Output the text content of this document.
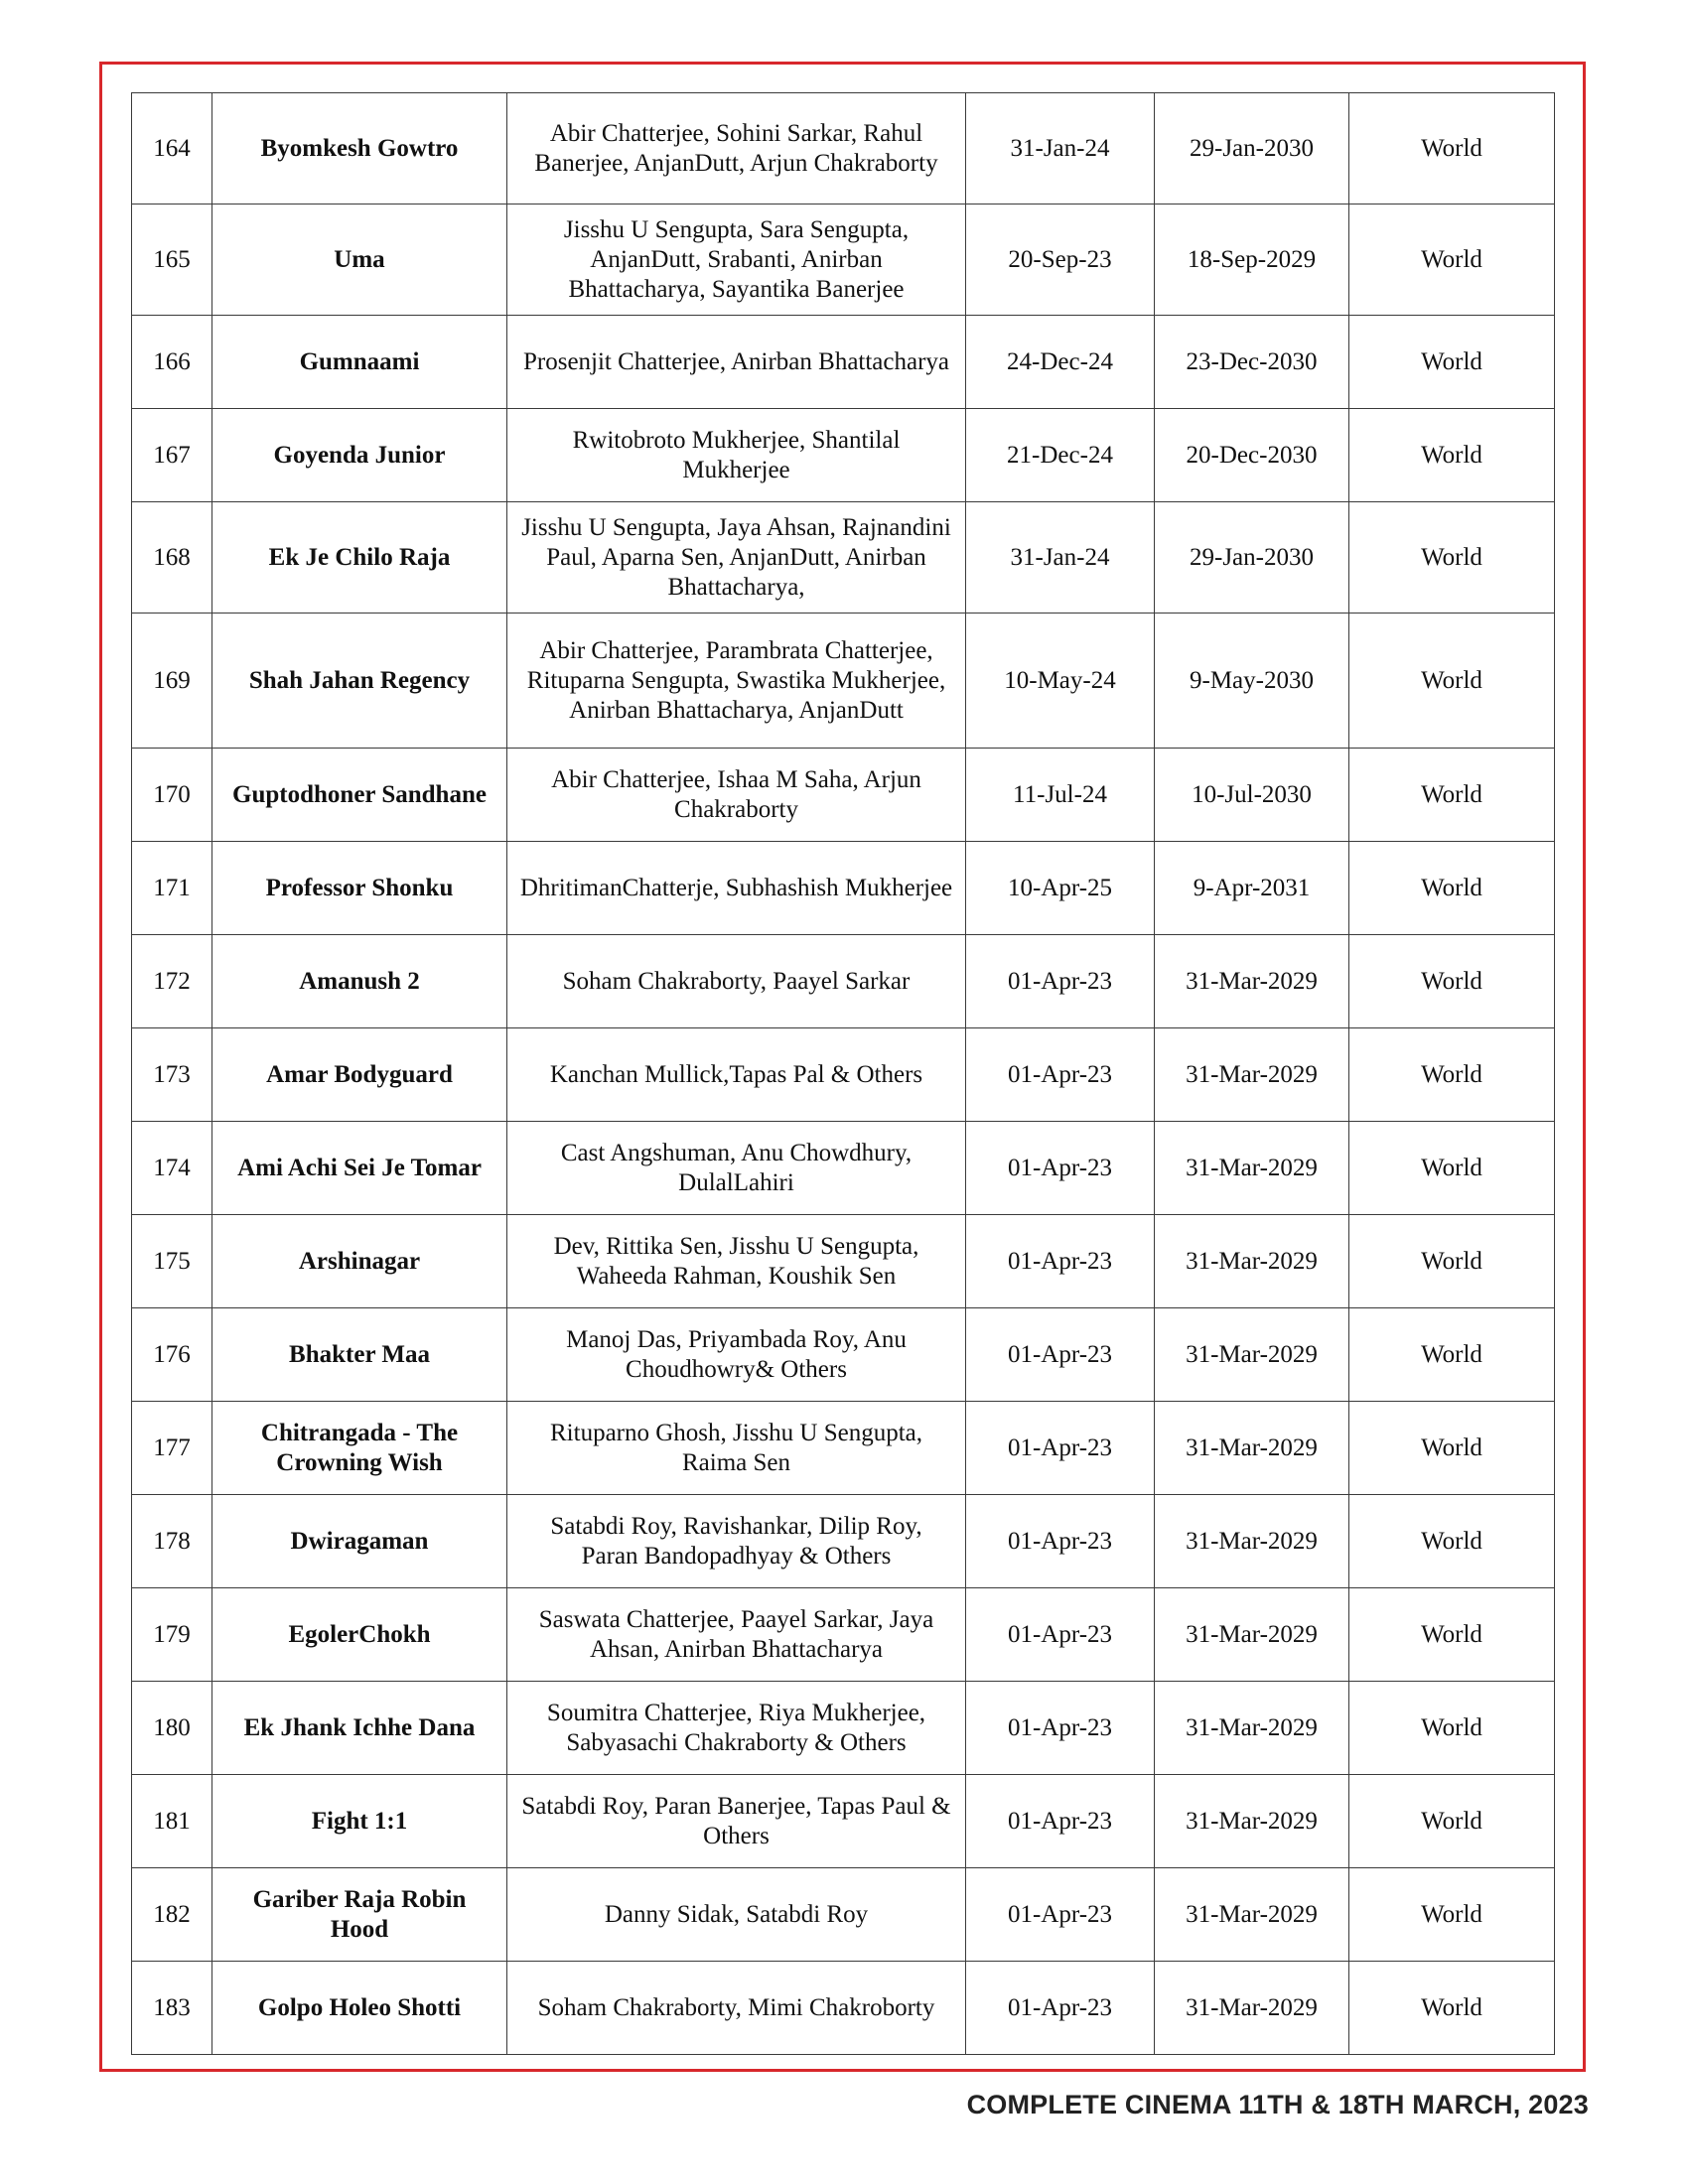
164	Byomkesh Gowtro	Abir Chatterjee, Sohini Sarkar, Rahul Banerjee, AnjanDutt, Arjun Chakraborty	31-Jan-24	29-Jan-2030	World
165	Uma	Jisshu U Sengupta, Sara Sengupta, AnjanDutt, Srabanti, Anirban Bhattacharya, Sayantika Banerjee	20-Sep-23	18-Sep-2029	World
166	Gumnaami	Prosenjit Chatterjee, Anirban Bhattacharya	24-Dec-24	23-Dec-2030	World
167	Goyenda Junior	Rwitobroto Mukherjee, Shantilal Mukherjee	21-Dec-24	20-Dec-2030	World
168	Ek Je Chilo Raja	Jisshu U Sengupta, Jaya Ahsan, Rajnandini Paul, Aparna Sen, AnjanDutt, Anirban Bhattacharya,	31-Jan-24	29-Jan-2030	World
169	Shah Jahan Regency	Abir Chatterjee, Parambrata Chatterjee, Rituparna Sengupta, Swastika Mukherjee, Anirban Bhattacharya, AnjanDutt	10-May-24	9-May-2030	World
170	Guptodhoner Sandhane	Abir Chatterjee, Ishaa M Saha, Arjun Chakraborty	11-Jul-24	10-Jul-2030	World
171	Professor Shonku	DhritimanChatterje, Subhashish Mukherjee	10-Apr-25	9-Apr-2031	World
172	Amanush 2	Soham Chakraborty, Paayel Sarkar	01-Apr-23	31-Mar-2029	World
173	Amar Bodyguard	Kanchan Mullick,Tapas Pal & Others	01-Apr-23	31-Mar-2029	World
174	Ami Achi Sei Je Tomar	Cast Angshuman, Anu Chowdhury, DulalLahiri	01-Apr-23	31-Mar-2029	World
175	Arshinagar	Dev, Rittika Sen, Jisshu U Sengupta, Waheeda Rahman, Koushik Sen	01-Apr-23	31-Mar-2029	World
176	Bhakter Maa	Manoj Das, Priyambada Roy, Anu Choudhowry& Others	01-Apr-23	31-Mar-2029	World
177	Chitrangada - The Crowning Wish	Rituparno Ghosh, Jisshu U Sengupta, Raima Sen	01-Apr-23	31-Mar-2029	World
178	Dwiragaman	Satabdi Roy, Ravishankar, Dilip Roy, Paran Bandopadhyay & Others	01-Apr-23	31-Mar-2029	World
179	EgolerChokh	Saswata Chatterjee, Paayel Sarkar, Jaya Ahsan, Anirban Bhattacharya	01-Apr-23	31-Mar-2029	World
180	Ek Jhank Ichhe Dana	Soumitra Chatterjee, Riya Mukherjee, Sabyasachi Chakraborty & Others	01-Apr-23	31-Mar-2029	World
181	Fight 1:1	Satabdi Roy, Paran Banerjee, Tapas Paul & Others	01-Apr-23	31-Mar-2029	World
182	Gariber Raja Robin Hood	Danny Sidak, Satabdi Roy	01-Apr-23	31-Mar-2029	World
183	Golpo Holeo Shotti	Soham Chakraborty, Mimi Chakroborty	01-Apr-23	31-Mar-2029	World
COMPLETE CINEMA 11TH & 18TH MARCH, 2023
